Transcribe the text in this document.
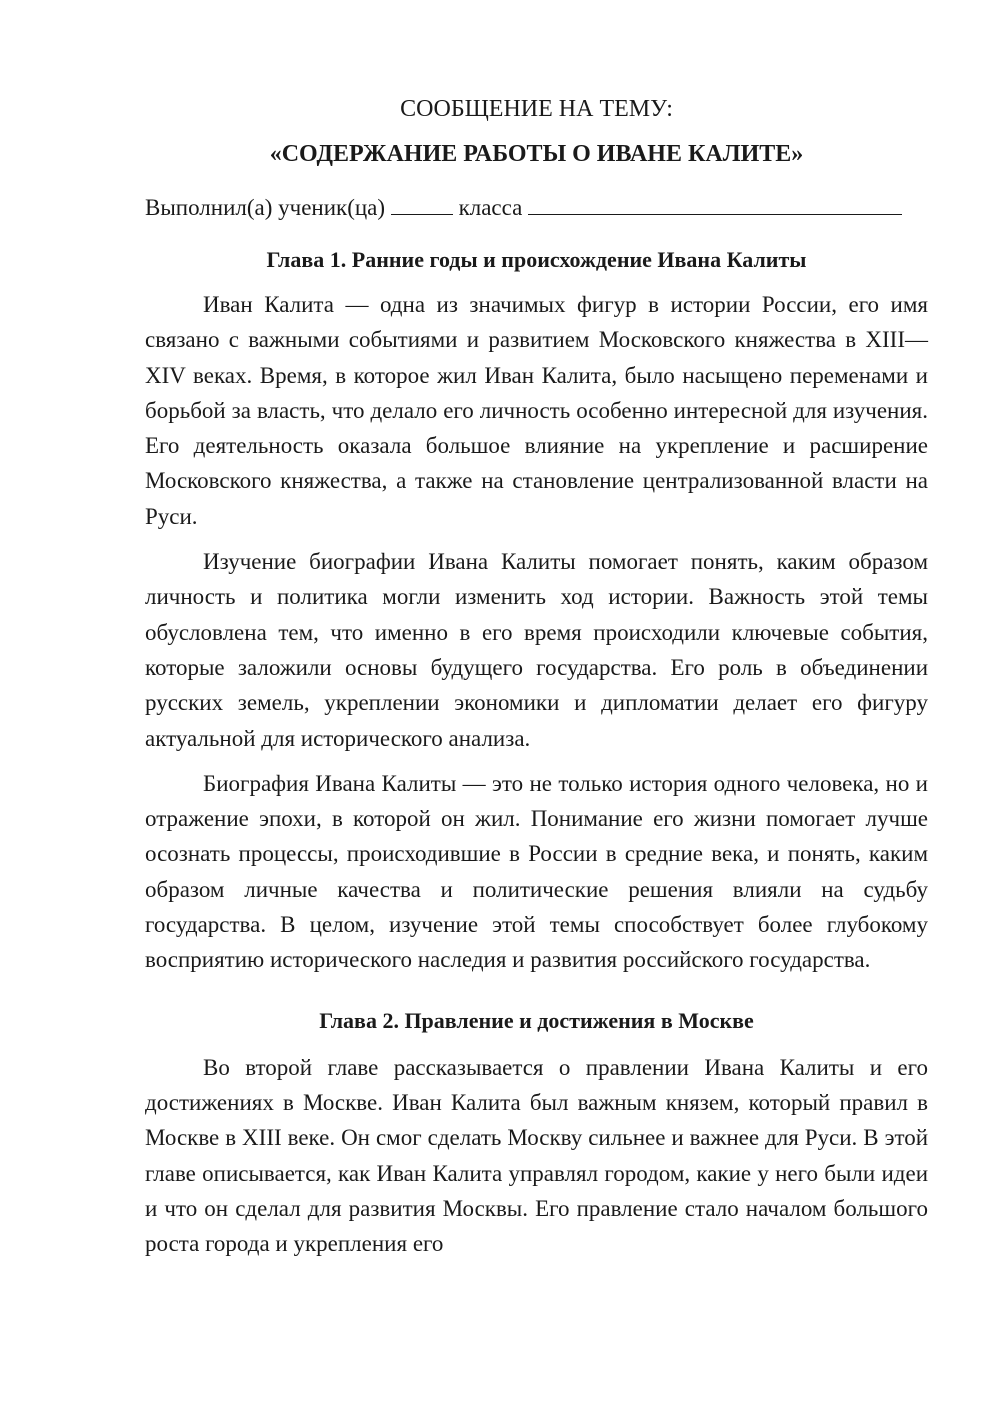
СООБЩЕНИЕ НА ТЕМУ:

«СОДЕРЖАНИЕ РАБОТЫ О ИВАНЕ КАЛИТЕ»

Выполнил(а) ученик(ца)	класса

Глава 1. Ранние годы и происхождение Ивана Калиты

Иван Калита — одна из значимых фигур в истории России, его имя связано с важными событиями и развитием Московского княжества в XIII—XIV веках. Время, в которое жил Иван Калита, было насыщено переменами и борьбой за власть, что делало его личность особенно интересной для изучения. Его деятельность оказала большое влияние на укрепление и расширение Московского княжества, а также на становление централизованной власти на Руси.

Изучение биографии Ивана Калиты помогает понять, каким образом личность и политика могли изменить ход истории. Важность этой темы обусловлена тем, что именно в его время происходили ключевые события, которые заложили основы будущего государства. Его роль в объединении русских земель, укреплении экономики и дипломатии делает его фигуру актуальной для исторического анализа.

Биография Ивана Калиты — это не только история одного человека, но и отражение эпохи, в которой он жил. Понимание его жизни помогает лучше осознать процессы, происходившие в России в средние века, и понять, каким образом личные качества и политические решения влияли на судьбу государства. В целом, изучение этой темы способствует более глубокому восприятию исторического наследия и развития российского государства.

Глава 2. Правление и достижения в Москве

Во второй главе рассказывается о правлении Ивана Калиты и его достижениях в Москве. Иван Калита был важным князем, который правил в Москве в XIII веке. Он смог сделать Москву сильнее и важнее для Руси. В этой главе описывается, как Иван Калита управлял городом, какие у него были идеи и что он сделал для развития Москвы. Его правление стало началом большого роста города и укрепления его
